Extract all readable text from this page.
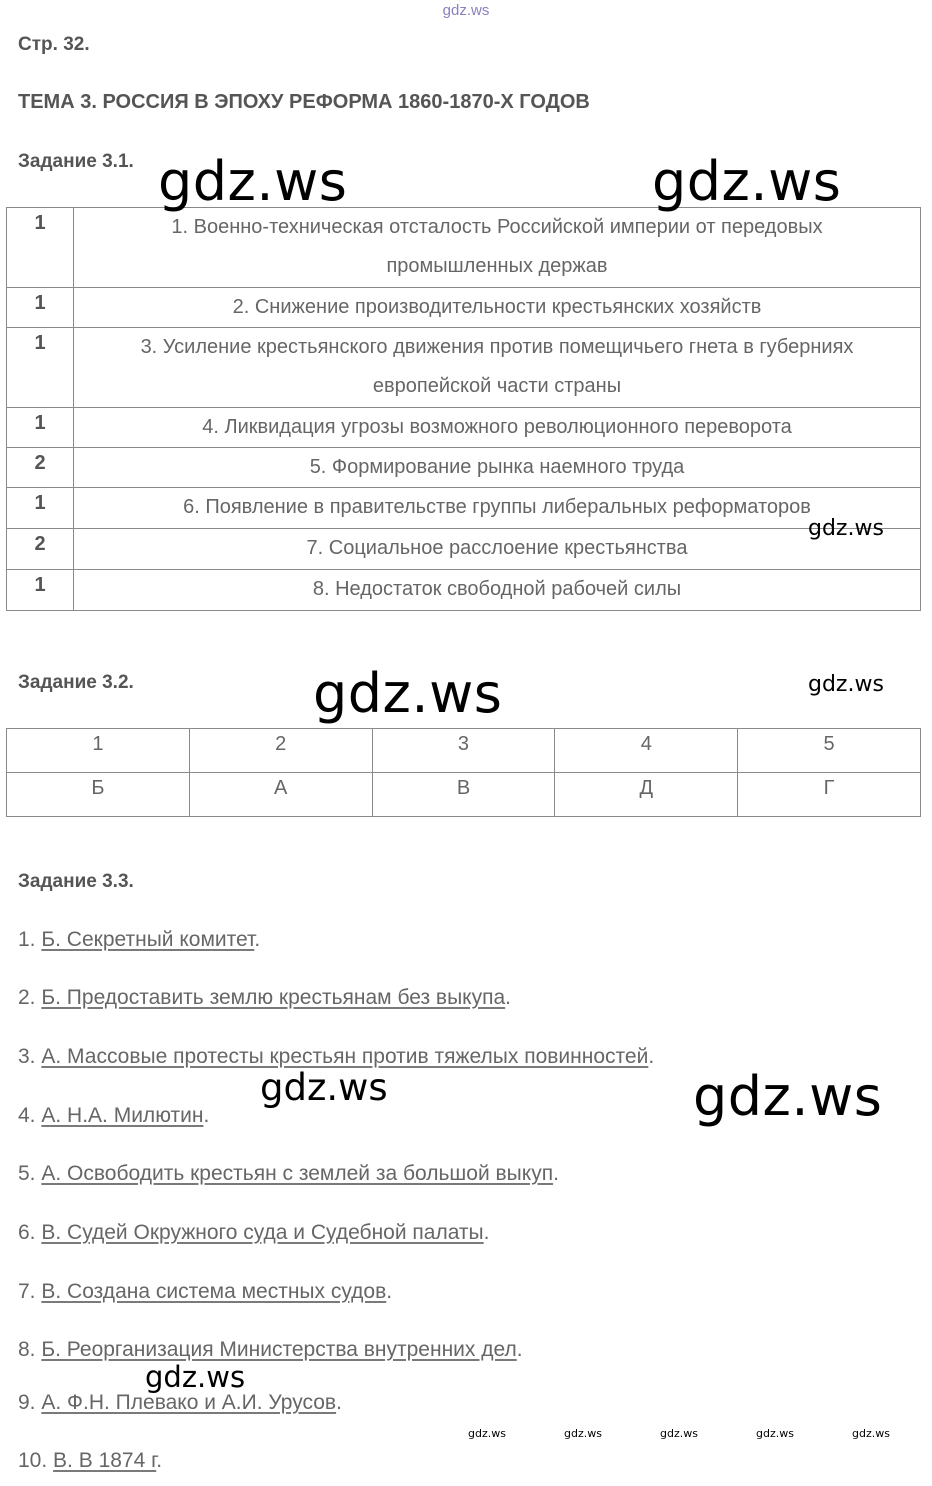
gdz.ws
Стр. 32.
ТЕМА 3. РОССИЯ В ЭПОХУ РЕФОРМА 1860-1870-Х ГОДОВ
Задание 3.1.
1	1. Военно-техническая отсталость Российской империи от передовых промышленных держав
1	2. Снижение производительности крестьянских хозяйств
1	3. Усиление крестьянского движения против помещичьего гнета в губерниях европейской части страны
1	4. Ликвидация угрозы возможного революционного переворота
2	5. Формирование рынка наемного труда
1	6. Появление в правительстве группы либеральных реформаторов
2	7. Социальное расслоение крестьянства
1	8. Недостаток свободной рабочей силы
Задание 3.2.
1	2	3	4	5
Б	А	В	Д	Г
Задание 3.3.
1. Б. Секретный комитет.
2. Б. Предоставить землю крестьянам без выкупа.
3. А. Массовые протесты крестьян против тяжелых повинностей.
4. А. Н.А. Милютин.
5. А. Освободить крестьян с землей за большой выкуп.
6. В. Судей Окружного суда и Судебной палаты.
7. В. Создана система местных судов.
8. Б. Реорганизация Министерства внутренних дел.
9. А. Ф.Н. Плевако и А.И. Урусов.
10. В. В 1874 г.
gdz.ws	gdz.ws
gdz.ws
gdz.ws	gdz.ws
gdz.ws	gdz.ws
gdz.ws
gdz.ws	gdz.ws	gdz.ws	gdz.ws	gdz.ws
